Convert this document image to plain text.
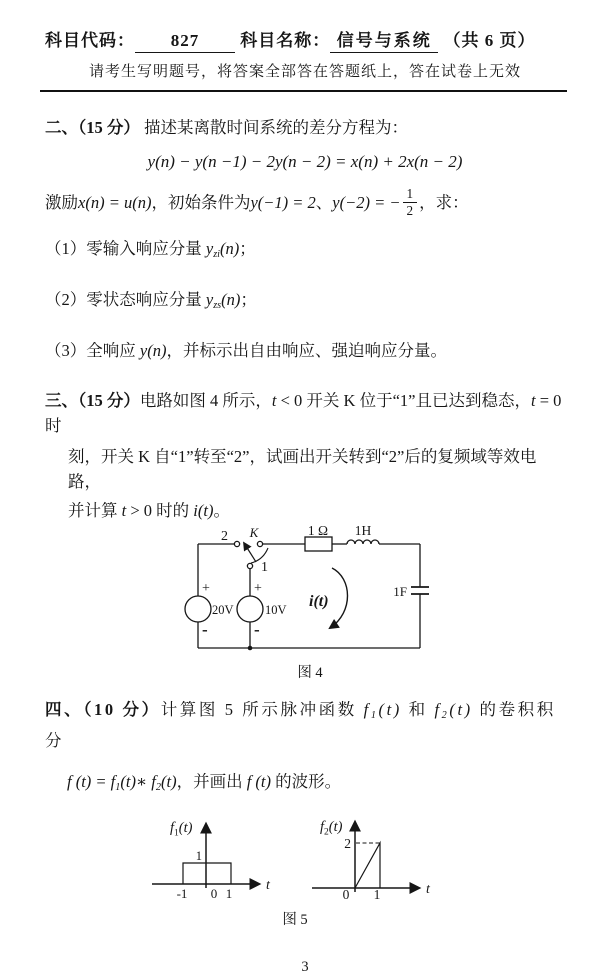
科目代码： 827 科目名称： 信号与系统 （共 6 页）
请考生写明题号，将答案全部答在答题纸上，答在试卷上无效
二、（15 分） 描述某离散时间系统的差分方程为：
y(n) − y(n −1) − 2y(n − 2) = x(n) + 2x(n − 2)
激励 x(n) = u(n) ，初始条件为 y(−1) = 2 、 y(−2) = − $\frac{1}{2}$ ，求：
（1）零输入响应分量 yzi(n)；
（2）零状态响应分量 yzs(n)；
（3）全响应 y(n)，并标示出自由响应、强迫响应分量。
三、（15 分）电路如图 4 所示，t < 0 开关 K 位于“1”且已达到稳态，t = 0 时
刻，开关 K 自“1”转至“2”，试画出开关转到“2”后的复频域等效电路，
并计算 t > 0 时的 i(t)。
2 K
1
1 Ω 1H
1F
+
20V
-
+
10V
-
i(t)
图 4
四、（10 分）计算图 5 所示脉冲函数 f1(t) 和 f2(t) 的卷积积分
f (t) = f1(t)∗ f2(t)，并画出 f (t) 的波形。
1
-1 0 1
t
$f_1(t)$
2
0 1	t
$f_2(t)$
图 5
3
